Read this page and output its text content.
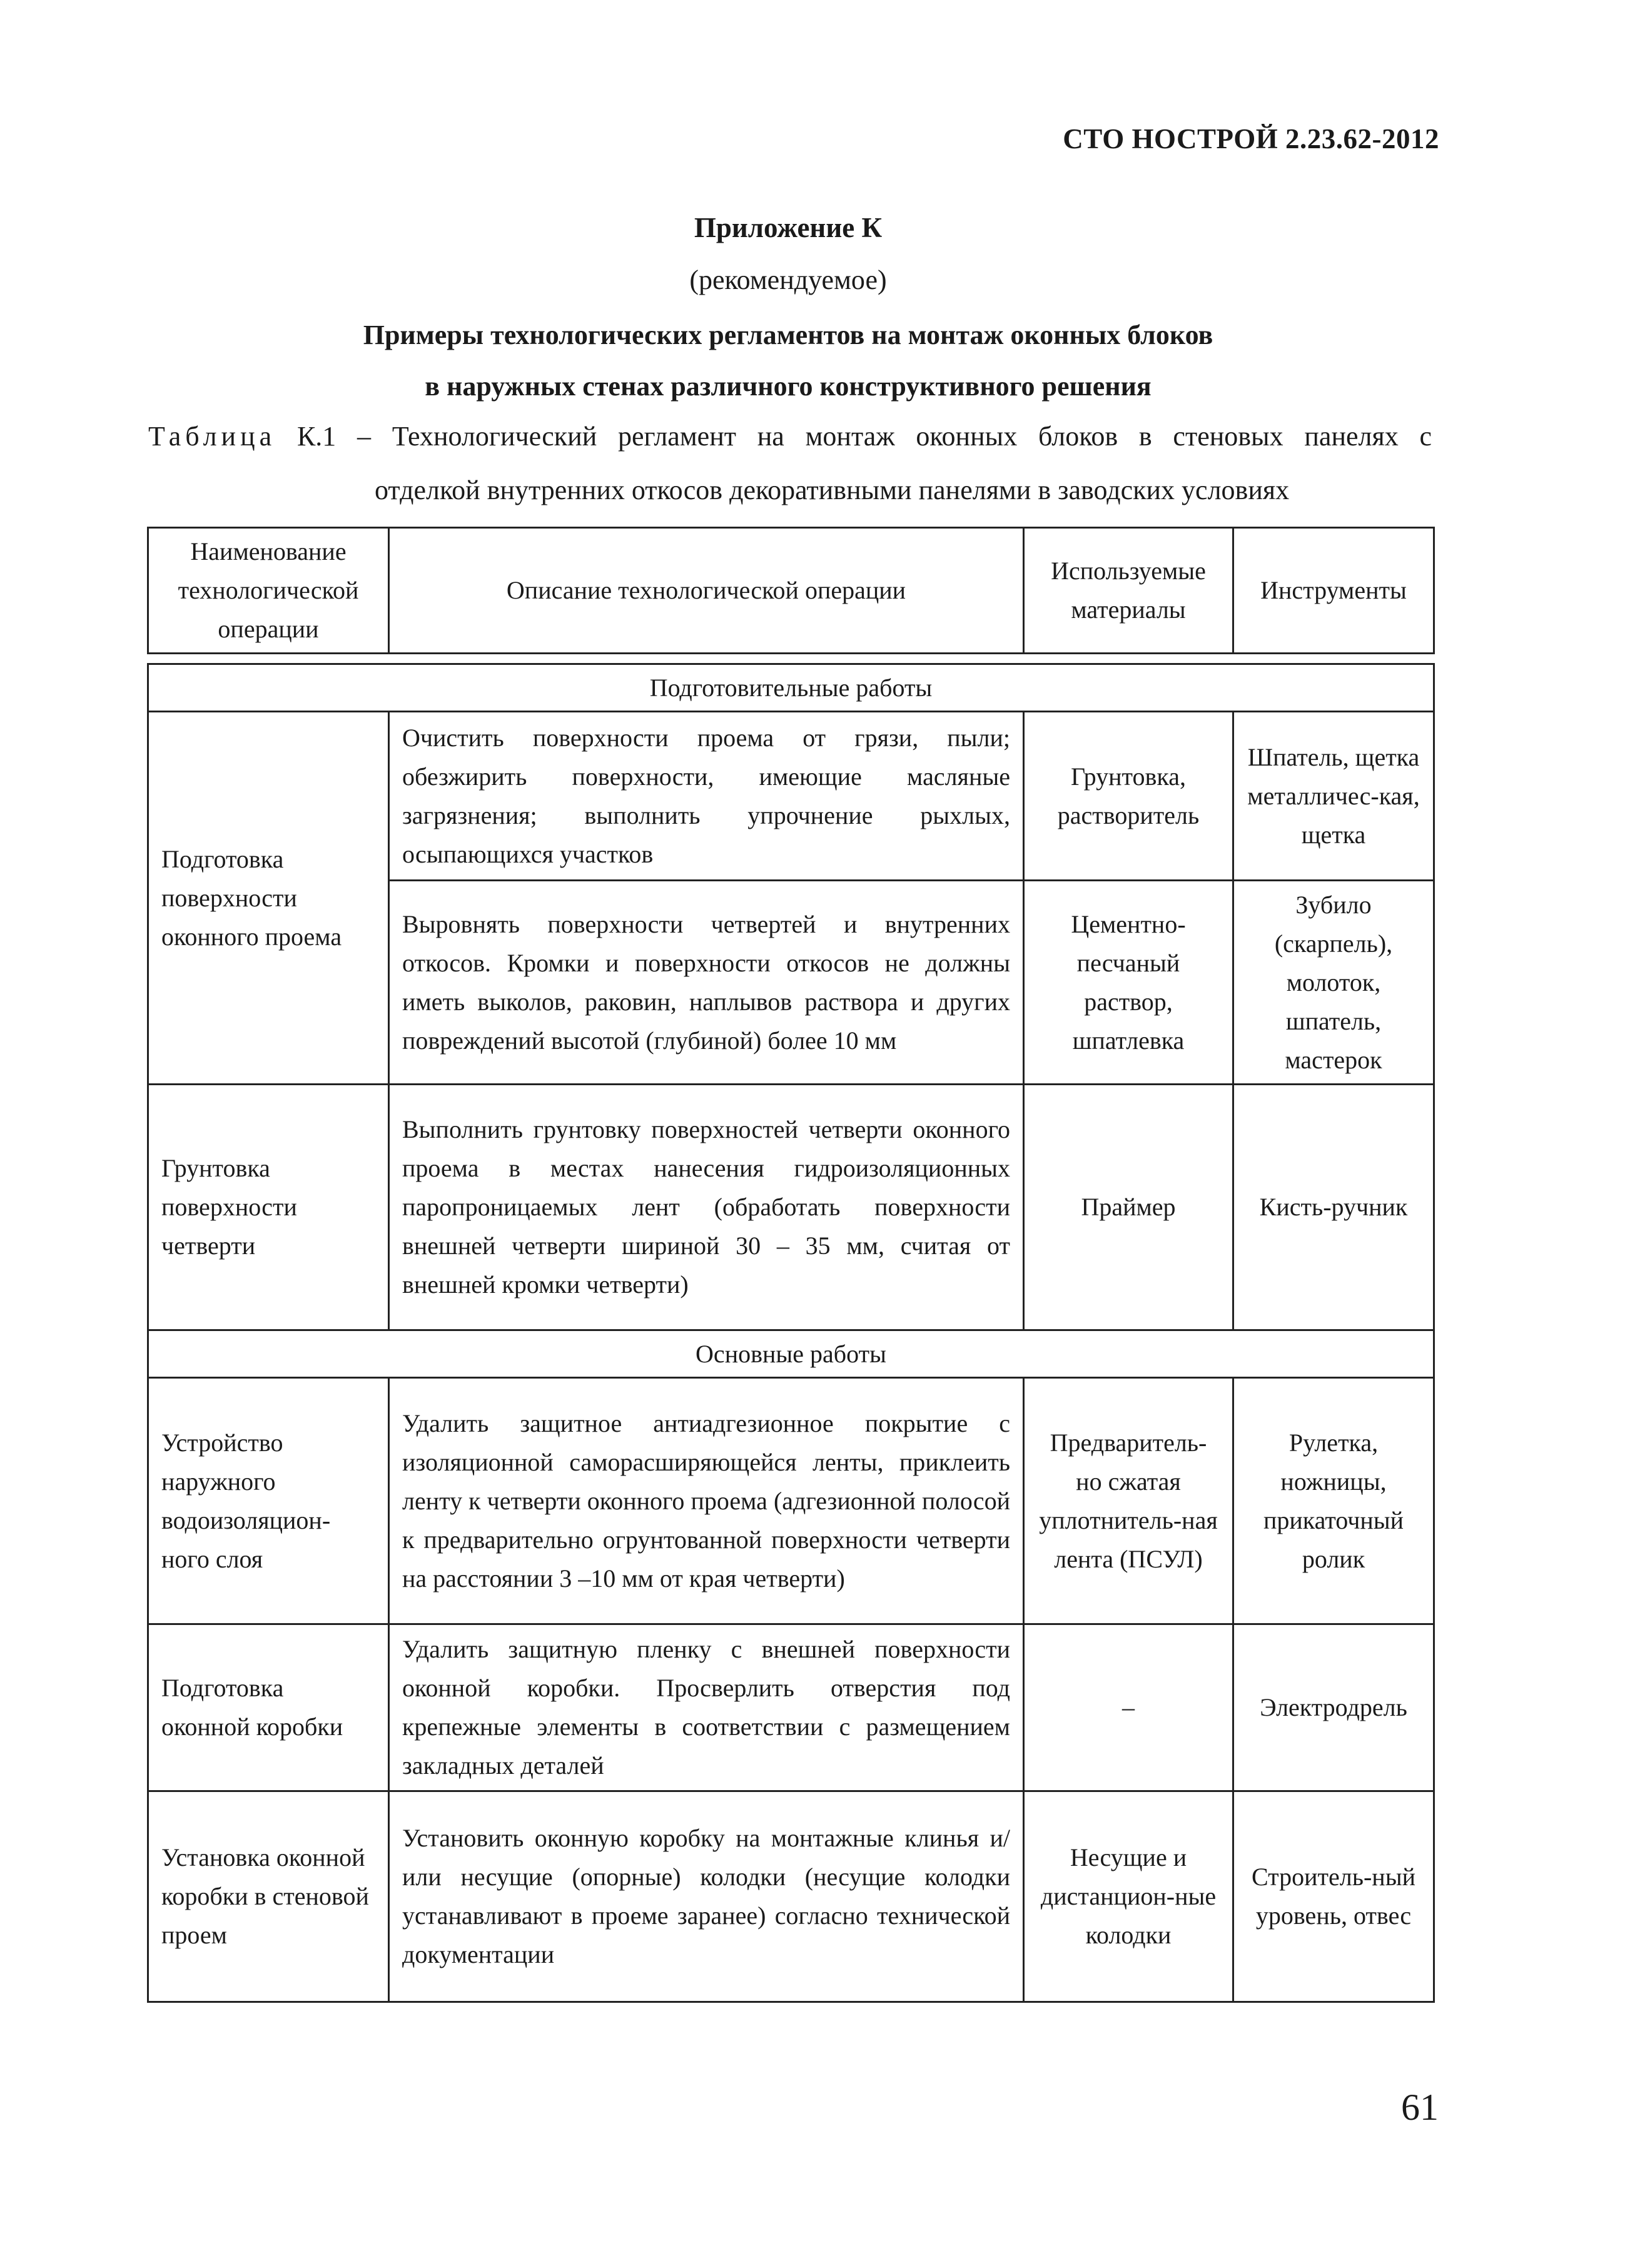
СТО НОСТРОЙ 2.23.62-2012
Приложение К
(рекомендуемое)
Примеры технологических регламентов на монтаж оконных блоков
в наружных стенах различного конструктивного решения
Таблица К.1 – Технологический регламент на монтаж оконных блоков в стеновых панелях с
отделкой внутренних откосов декоративными панелями в заводских условиях
Наименование технологической операции	Описание технологической операции	Используемые материалы	Инструменты

Подготовительные работы			
Подготовка поверхности оконного проема	Очистить поверхности проема от грязи, пыли; обезжирить поверхности, имеющие масляные загрязнения; выполнить упрочнение рыхлых, осыпающихся участков	Грунтовка, растворитель	Шпатель, щетка металличес-кая, щетка
	Выровнять поверхности четвертей и внутренних откосов. Кромки и поверхности откосов не должны иметь выколов, раковин, наплывов раствора и других повреждений высотой (глубиной) более 10 мм	Цементно-песчаный раствор, шпатлевка	Зубило (скарпель), молоток, шпатель, мастерок
Грунтовка поверхности четверти	Выполнить грунтовку поверхностей четверти оконного проема в местах нанесения гидроизоляционных паропроницаемых лент (обработать поверхности внешней четверти шириной 30 – 35 мм, считая от внешней кромки четверти)	Праймер	Кисть-ручник
Основные работы			
Устройство наружного водоизоляцион-ного слоя	Удалить защитное антиадгезионное покрытие с изоляционной саморасширяющейся ленты, приклеить ленту к четверти оконного проема (адгезионной полосой к предварительно огрунтованной поверхности четверти на расстоянии 3 –10 мм от края четверти)	Предваритель-но сжатая уплотнитель-ная лента (ПСУЛ)	Рулетка, ножницы, прикаточный ролик
Подготовка оконной коробки	Удалить защитную пленку с внешней поверхности оконной коробки. Просверлить отверстия под крепежные элементы в соответствии с размещением закладных деталей	–	Электродрель
Установка оконной коробки в стеновой проем	Установить оконную коробку на монтажные клинья и/или несущие (опорные) колодки (несущие колодки устанавливают в проеме заранее) согласно технической документации	Несущие и дистанцион-ные колодки	Строитель-ный уровень, отвес
61
